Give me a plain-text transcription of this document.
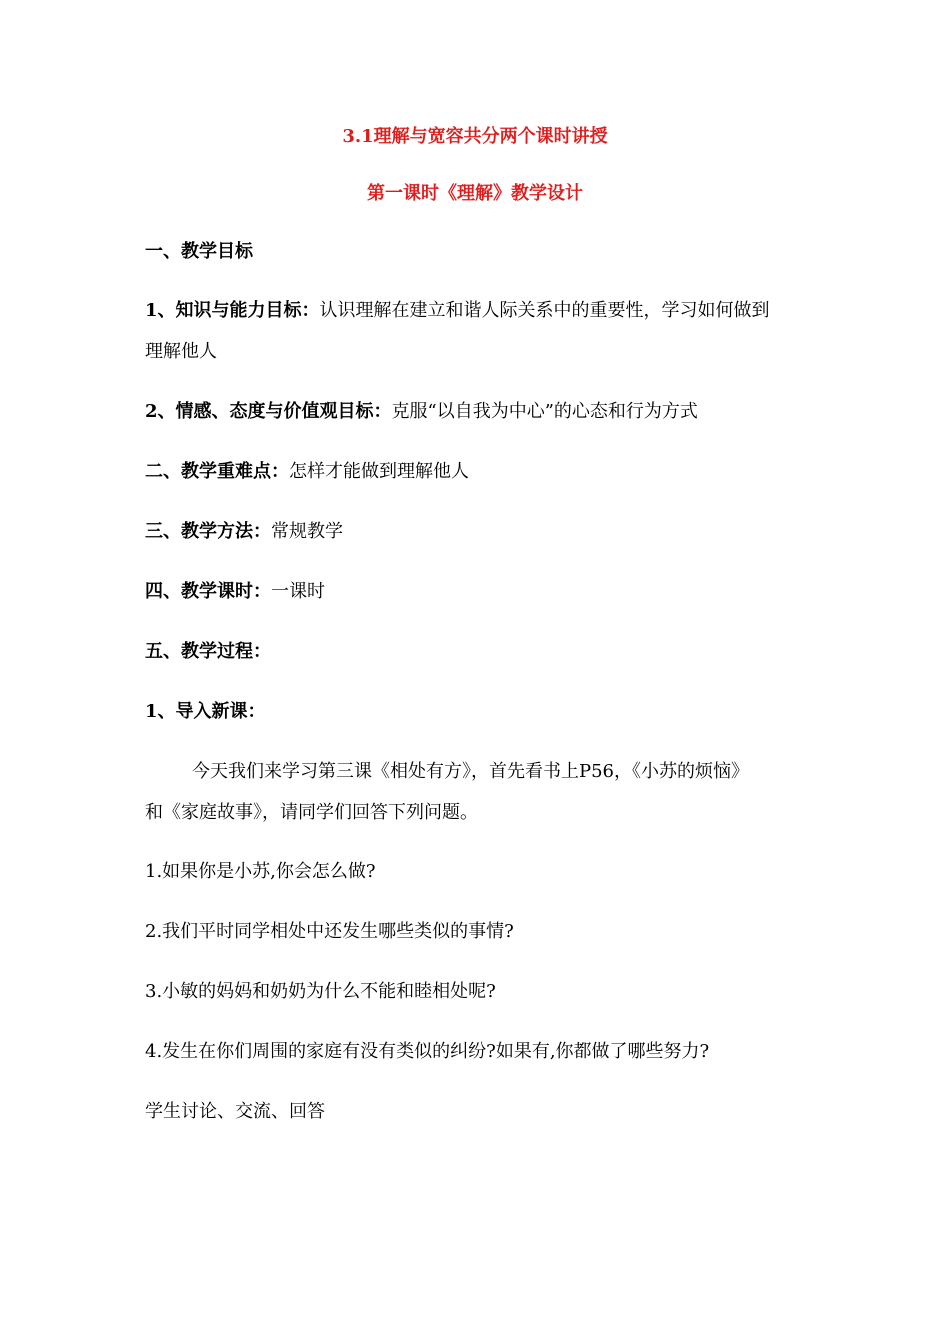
3.1理解与宽容共分两个课时讲授
第一课时《理解》教学设计
一、教学目标
1、知识与能力目标：认识理解在建立和谐人际关系中的重要性，学习如何做到
理解他人
2、情感、态度与价值观目标：克服“以自我为中心”的心态和行为方式
二、教学重难点：怎样才能做到理解他人
三、教学方法：常规教学
四、教学课时：一课时
五、教学过程：
1、导入新课：
今天我们来学习第三课《相处有方》，首先看书上P56，《小苏的烦恼》
和《家庭故事》，请同学们回答下列问题。
1.如果你是小苏,你会怎么做?
2.我们平时同学相处中还发生哪些类似的事情?
3.小敏的妈妈和奶奶为什么不能和睦相处呢?
4.发生在你们周围的家庭有没有类似的纠纷?如果有,你都做了哪些努力?
学生讨论、交流、回答
